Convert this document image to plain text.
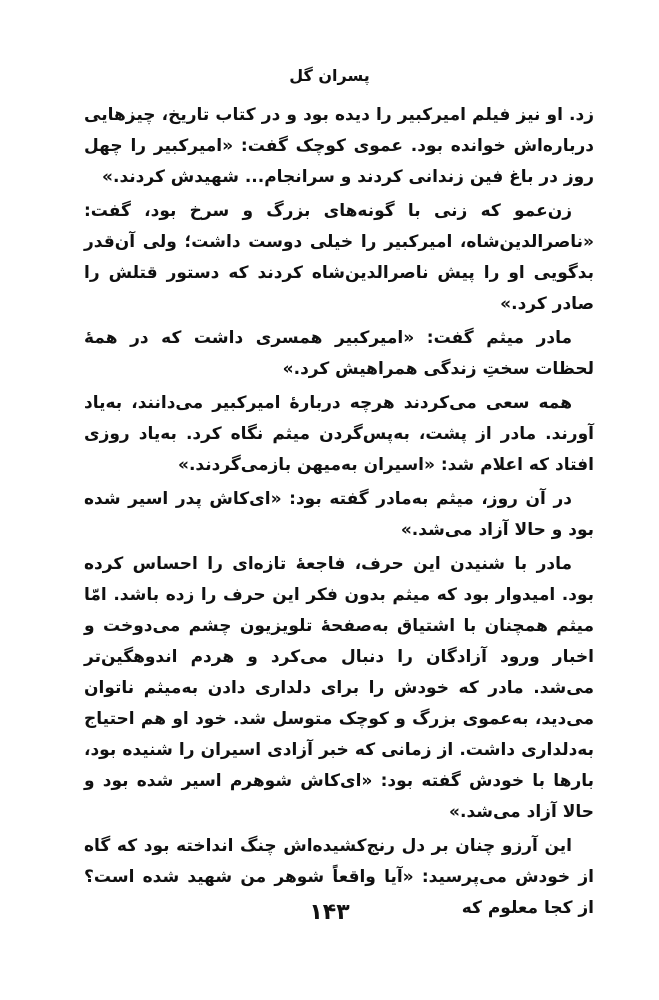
پسران گل

زد. او نیز فیلم امیرکبیر را دیده بود و در کتاب تاریخ، چیزهایی درباره‌اش خوانده بود. عموی کوچک گفت: «امیرکبیر را چهل روز در باغ فین زندانی کردند و سرانجام... شهیدش کردند.»

زن‌عمو که زنی با گونه‌های بزرگ و سرخ بود، گفت: «ناصرالدین‌شاه، امیرکبیر را خیلی دوست داشت؛ ولی آن‌قدر بدگویی او را پیش ناصرالدین‌شاه کردند که دستور قتلش را صادر کرد.»

مادر میثم گفت: «امیرکبیر همسری داشت که در همهٔ لحظات سختِ زندگی همراهیش کرد.»

همه سعی می‌کردند هرچه دربارهٔ امیرکبیر می‌دانند، به‌یاد آورند. مادر از پشت، به‌پس‌گردن میثم نگاه کرد. به‌یاد روزی افتاد که اعلام شد: «اسیران به‌میهن بازمی‌گردند.»

در آن روز، میثم به‌مادر گفته بود: «ای‌کاش پدر اسیر شده بود و حالا آزاد می‌شد.»

مادر با شنیدن این حرف، فاجعهٔ تازه‌ای را احساس کرده بود. امیدوار بود که میثم بدون فکر این حرف را زده باشد. امّا میثم همچنان با اشتیاق به‌صفحهٔ تلویزیون چشم می‌دوخت و اخبار ورود آزادگان را دنبال می‌کرد و هردم اندوهگین‌تر می‌شد. مادر که خودش را برای دلداری دادن به‌میثم ناتوان می‌دید، به‌عموی بزرگ و کوچک متوسل شد. خود او هم احتیاج به‌دلداری داشت. از زمانی که خبر آزادی اسیران را شنیده بود، بارها با خودش گفته بود: «ای‌کاش شوهرم اسیر شده بود و حالا آزاد می‌شد.»

این آرزو چنان بر دل رنج‌کشیده‌اش چنگ انداخته بود که گاه از خودش می‌پرسید: «آیا واقعاً شوهر من شهید شده است؟ از کجا معلوم که

۱۴۳
